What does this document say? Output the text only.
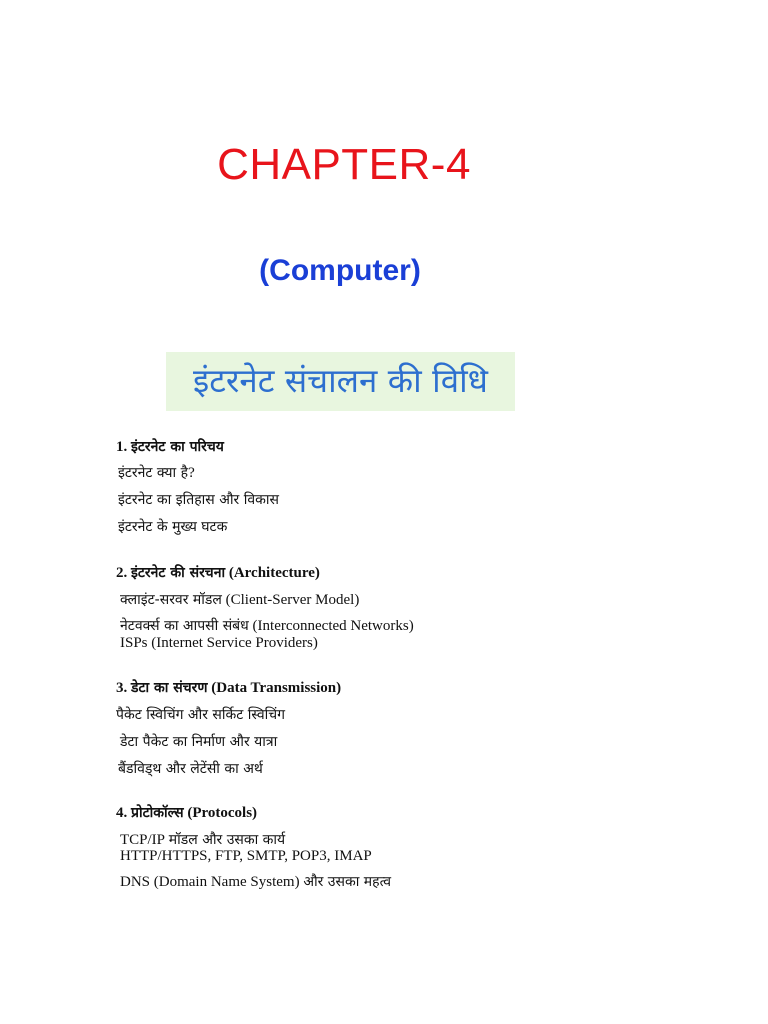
CHAPTER-4
(Computer)
इंटरनेट संचालन की विधि

1. इंटरनेट का परिचय

इंटरनेट क्या है?

इंटरनेट का इतिहास और विकास

इंटरनेट के मुख्य घटक

2. इंटरनेट की संरचना (Architecture)

क्लाइंट-सरवर मॉडल (Client-Server Model)

नेटवर्क्स का आपसी संबंध (Interconnected Networks)

ISPs (Internet Service Providers)

3. डेटा का संचरण (Data Transmission)

पैकेट स्विचिंग और सर्किट स्विचिंग

डेटा पैकेट का निर्माण और यात्रा

बैंडविड्थ और लेटेंसी का अर्थ

4. प्रोटोकॉल्स (Protocols)

TCP/IP मॉडल और उसका कार्य

HTTP/HTTPS, FTP, SMTP, POP3, IMAP

DNS (Domain Name System) और उसका महत्व
